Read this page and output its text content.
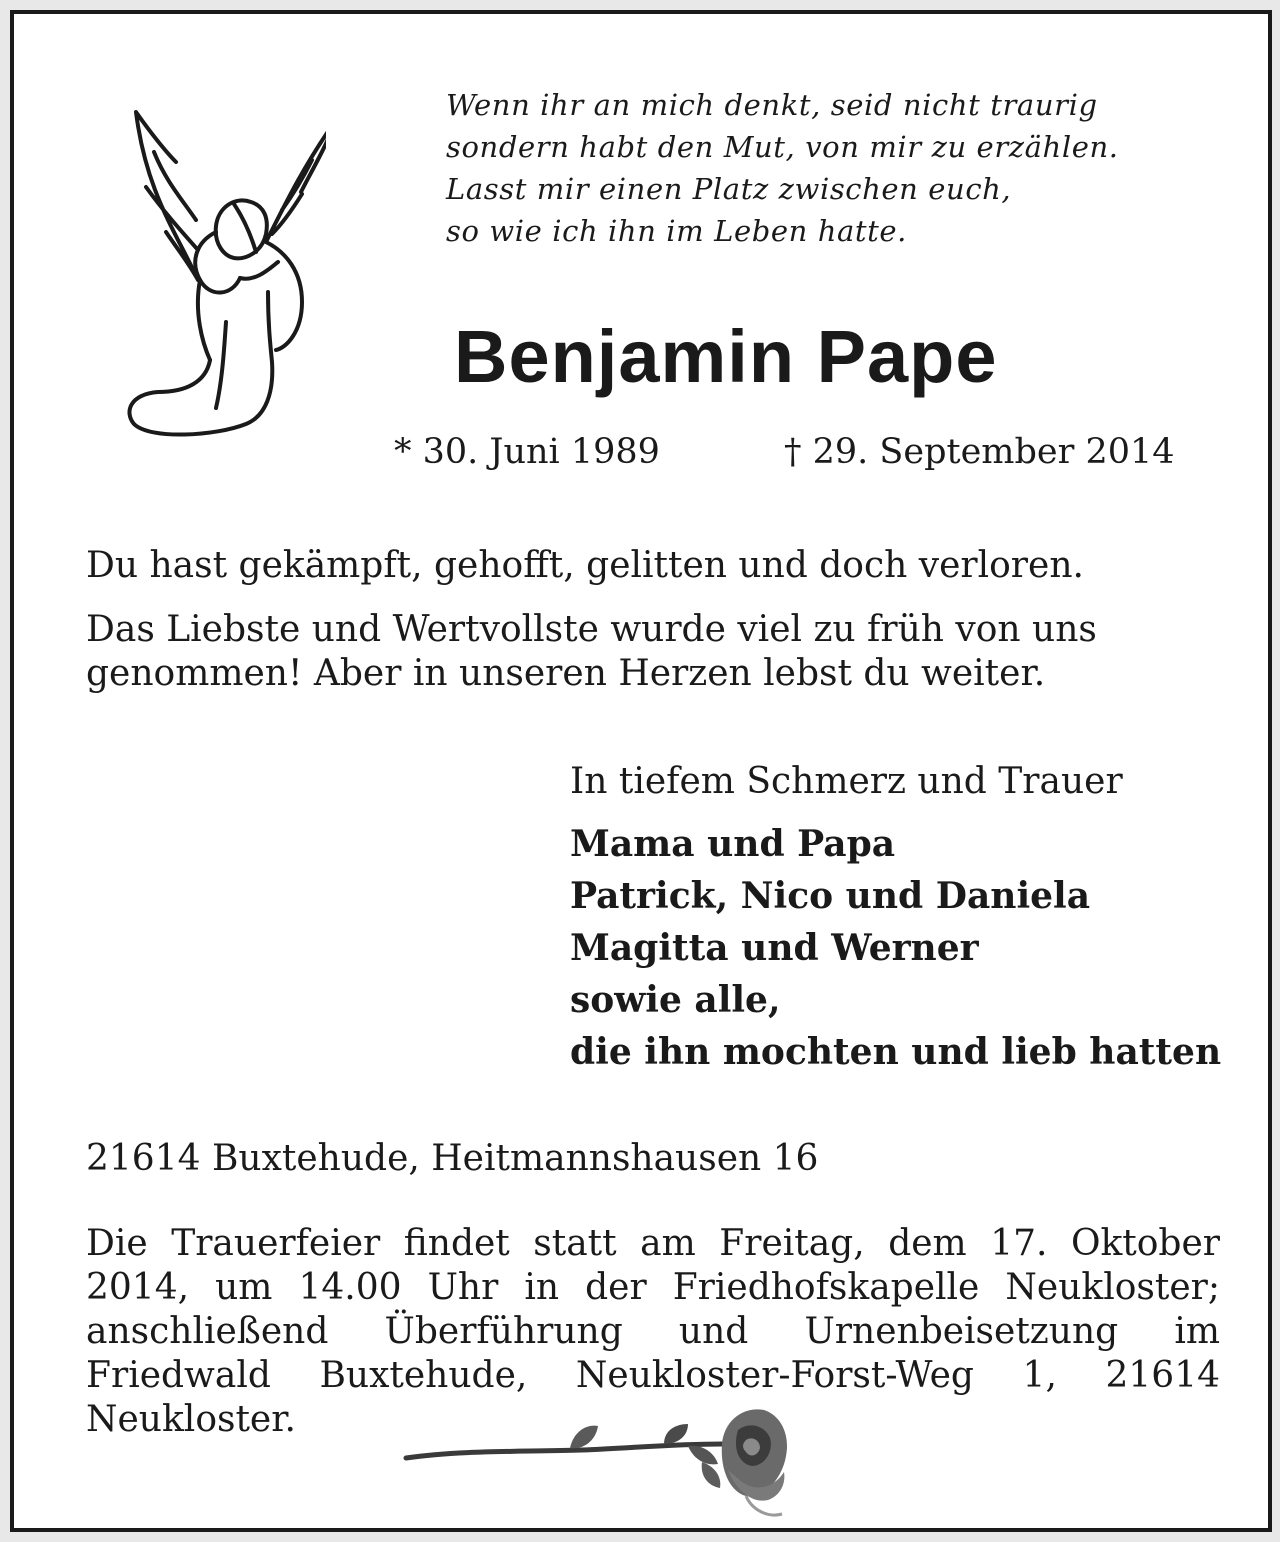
Wenn ihr an mich denkt, seid nicht traurig
sondern habt den Mut, von mir zu erzählen.
Lasst mir einen Platz zwischen euch,
so wie ich ihn im Leben hatte.
Benjamin Pape
* 30. Juni 1989	† 29. September 2014
Du hast gekämpft, gehofft, gelitten und doch verloren.
Das Liebste und Wertvollste wurde viel zu früh von uns genommen! Aber in unseren Herzen lebst du weiter.
In tiefem Schmerz und Trauer
Mama und Papa
Patrick, Nico und Daniela
Magitta und Werner
sowie alle,
die ihn mochten und lieb hatten
21614 Buxtehude, Heitmannshausen 16
Die Trauerfeier findet statt am Freitag, dem 17. Oktober 2014, um 14.00 Uhr in der Friedhofskapelle Neukloster; anschließend Überführung und Urnenbeisetzung im Friedwald Buxtehude, Neukloster-Forst-Weg 1, 21614 Neukloster.
